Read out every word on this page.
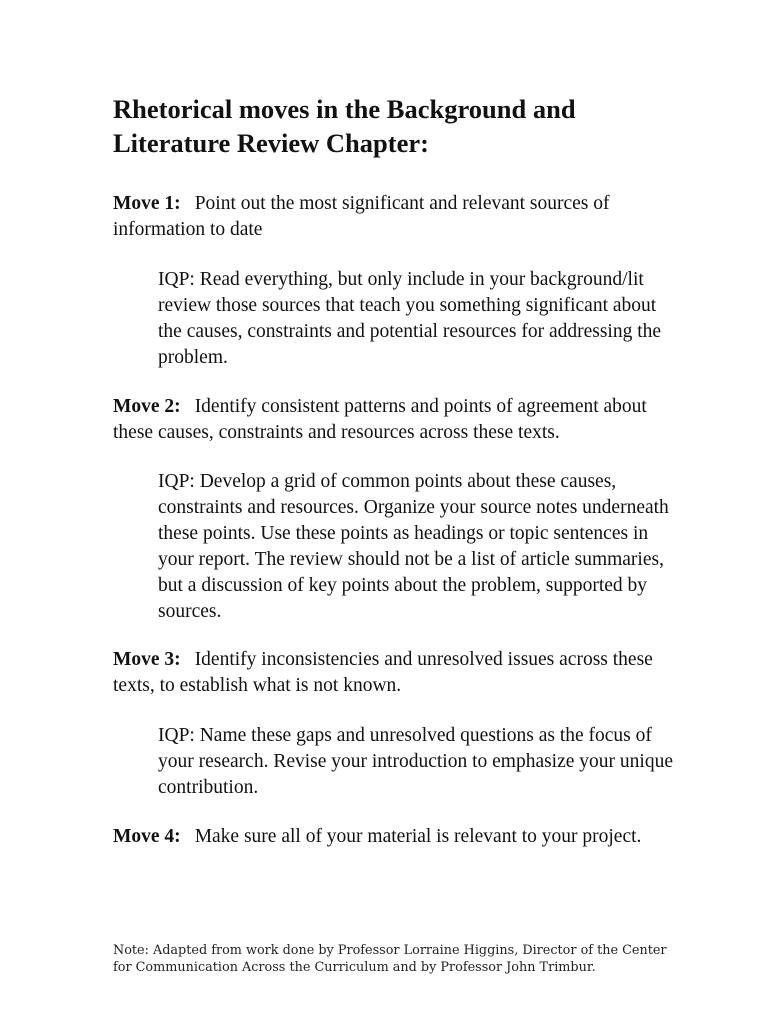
Rhetorical moves in the Background and Literature Review Chapter:

Move 1: Point out the most significant and relevant sources of information to date

IQP: Read everything, but only include in your background/lit review those sources that teach you something significant about the causes, constraints and potential resources for addressing the problem.

Move 2: Identify consistent patterns and points of agreement about these causes, constraints and resources across these texts.

IQP: Develop a grid of common points about these causes, constraints and resources. Organize your source notes underneath these points. Use these points as headings or topic sentences in your report. The review should not be a list of article summaries, but a discussion of key points about the problem, supported by sources.

Move 3: Identify inconsistencies and unresolved issues across these texts, to establish what is not known.

IQP: Name these gaps and unresolved questions as the focus of your research. Revise your introduction to emphasize your unique contribution.

Move 4: Make sure all of your material is relevant to your project.

Note: Adapted from work done by Professor Lorraine Higgins, Director of the Center for Communication Across the Curriculum and by Professor John Trimbur.
